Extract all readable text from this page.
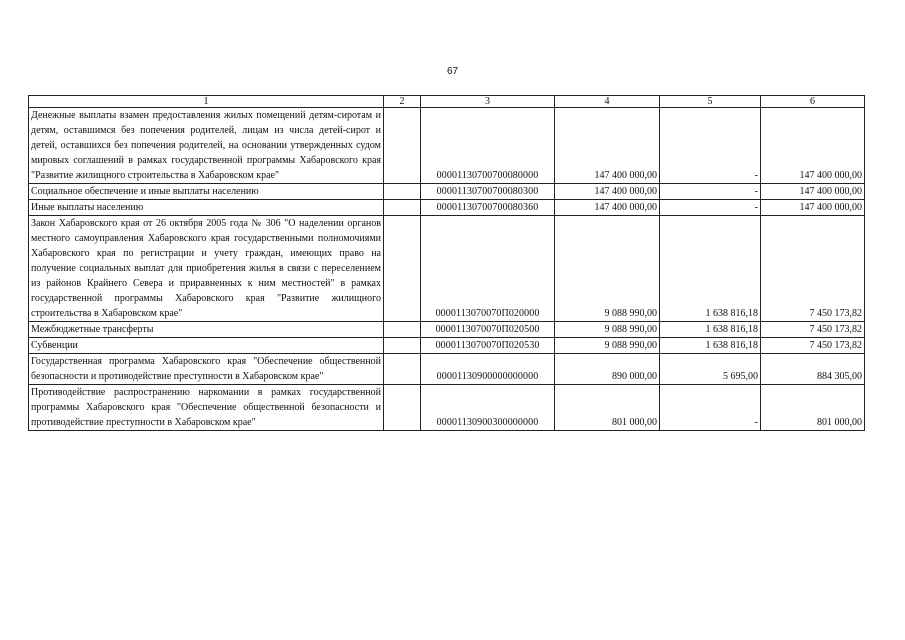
67
1	2	3	4	5	6
Денежные выплаты взамен предоставления жилых помещений детям-сиротам и детям, оставшимся без попечения родителей, лицам из числа детей-сирот и детей, оставшихся без попечения родителей, на основании утвержденных судом мировых соглашений в рамках государственной программы Хабаровского края "Развитие жилищного строительства в Хабаровском крае"		00001130700700080000	147 400 000,00	-	147 400 000,00
Социальное обеспечение и иные выплаты населению		00001130700700080300	147 400 000,00	-	147 400 000,00
Иные выплаты населению		00001130700700080360	147 400 000,00	-	147 400 000,00
Закон Хабаровского края от 26 октября 2005 года № 306 "О наделении органов местного самоуправления Хабаровского края государственными полномочиями Хабаровского края по регистрации и учету граждан, имеющих право на получение социальных выплат для приобретения жилья в связи с переселением из районов Крайнего Севера и приравненных к ним местностей" в рамках государственной программы Хабаровского края "Развитие жилищного строительства в Хабаровском крае"		0000113070070П020000	9 088 990,00	1 638 816,18	7 450 173,82
Межбюджетные трансферты		0000113070070П020500	9 088 990,00	1 638 816,18	7 450 173,82
Субвенции		0000113070070П020530	9 088 990,00	1 638 816,18	7 450 173,82
Государственная программа Хабаровского края "Обеспечение общественной безопасности и противодействие преступности в Хабаровском крае"		00001130900000000000	890 000,00	5 695,00	884 305,00
Противодействие распространению наркомании в рамках государственной программы Хабаровского края "Обеспечение общественной безопасности и противодействие преступности в Хабаровском крае"		00001130900300000000	801 000,00	-	801 000,00
